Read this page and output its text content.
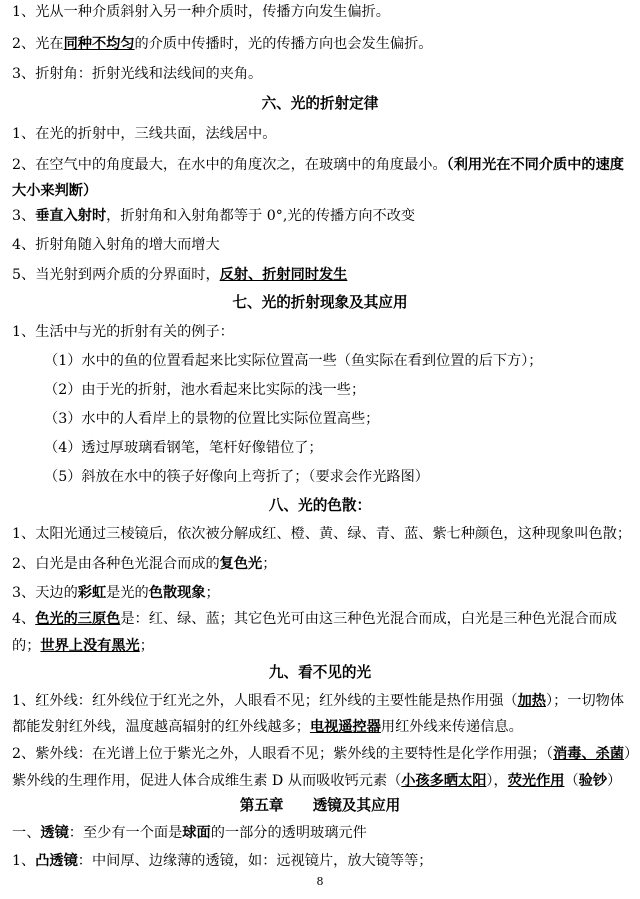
1、光从一种介质斜射入另一种介质时，传播方向发生偏折。
2、光在同种不均匀的介质中传播时，光的传播方向也会发生偏折。
3、折射角：折射光线和法线间的夹角。
六、光的折射定律
1、在光的折射中，三线共面，法线居中。
2、在空气中的角度最大，在水中的角度次之，在玻璃中的角度最小。（利用光在不同介质中的速度大小来判断）
3、垂直入射时，折射角和入射角都等于 0°,光的传播方向不改变
4、折射角随入射角的增大而增大
5、当光射到两介质的分界面时，反射、折射同时发生
七、光的折射现象及其应用
1、生活中与光的折射有关的例子：
（1）水中的鱼的位置看起来比实际位置高一些（鱼实际在看到位置的后下方）；
（2）由于光的折射，池水看起来比实际的浅一些；
（3）水中的人看岸上的景物的位置比实际位置高些；
（4）透过厚玻璃看钢笔，笔杆好像错位了；
（5）斜放在水中的筷子好像向上弯折了；（要求会作光路图）
八、光的色散：
1、太阳光通过三棱镜后，依次被分解成红、橙、黄、绿、青、蓝、紫七种颜色，这种现象叫色散；
2、白光是由各种色光混合而成的复色光；
3、天边的彩虹是光的色散现象；
4、色光的三原色是：红、绿、蓝；其它色光可由这三种色光混合而成，白光是三种色光混合而成的；世界上没有黑光；
九、看不见的光
1、红外线：红外线位于红光之外，人眼看不见；红外线的主要性能是热作用强（加热）；一切物体都能发射红外线，温度越高辐射的红外线越多；电视遥控器用红外线来传递信息。
2、紫外线：在光谱上位于紫光之外，人眼看不见；紫外线的主要特性是化学作用强；（消毒、杀菌）紫外线的生理作用，促进人体合成维生素 D 从而吸收钙元素（小孩多晒太阳），荧光作用（验钞）
第五章　　透镜及其应用
一、透镜：至少有一个面是球面的一部分的透明玻璃元件
1、凸透镜：中间厚、边缘薄的透镜，如：远视镜片，放大镜等等；
8
